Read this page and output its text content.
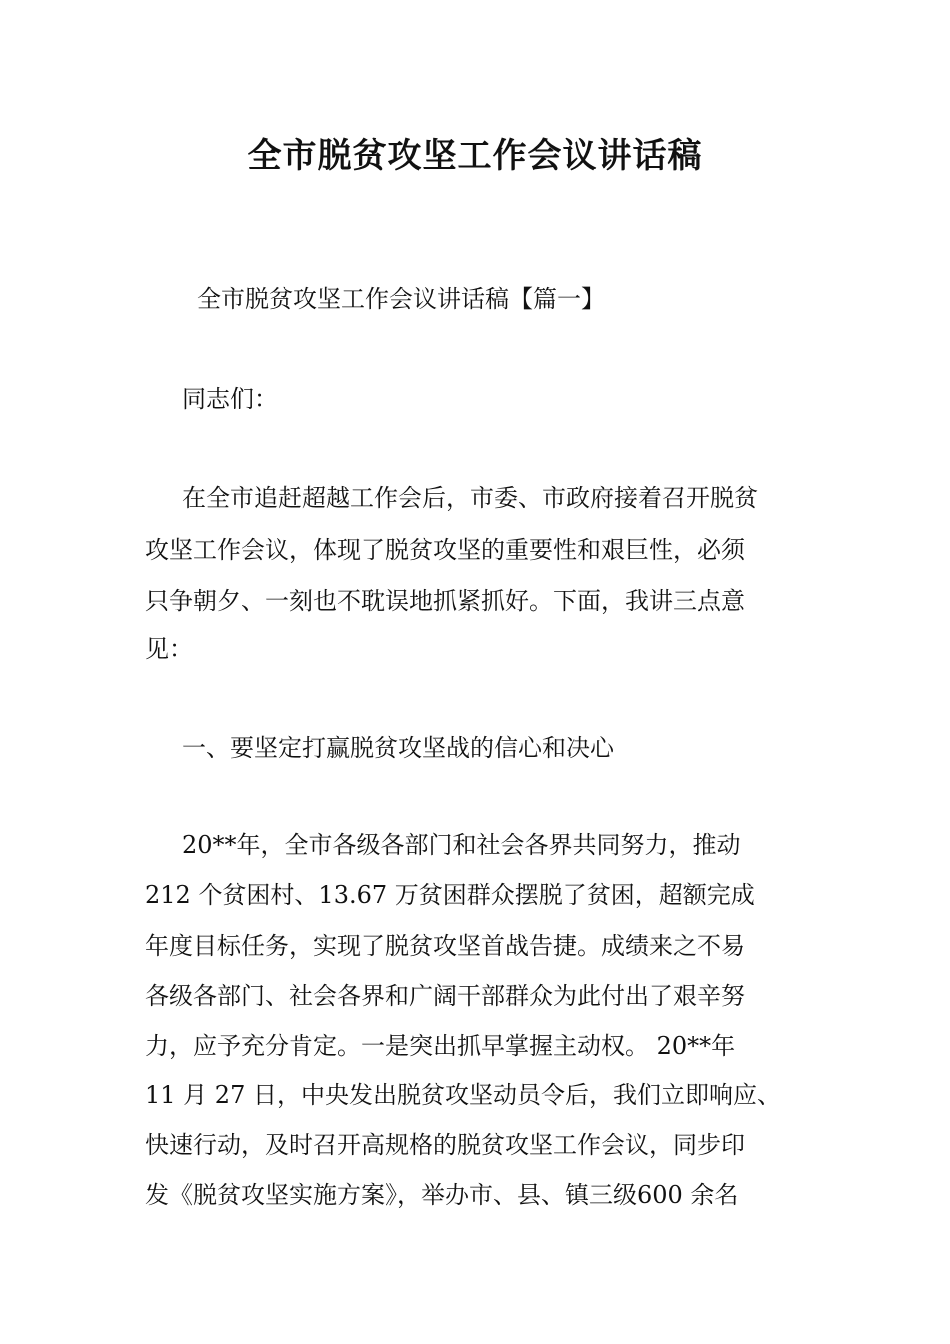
全市脱贫攻坚工作会议讲话稿
全市脱贫攻坚工作会议讲话稿【篇一】
同志们：
在全市追赶超越工作会后，市委、市政府接着召开脱贫
攻坚工作会议，体现了脱贫攻坚的重要性和艰巨性，必须
只争朝夕、一刻也不耽误地抓紧抓好。下面，我讲三点意
见：
一、要坚定打赢脱贫攻坚战的信心和决心
20**年，全市各级各部门和社会各界共同努力，推动
212 个贫困村、13.67 万贫困群众摆脱了贫困，超额完成
年度目标任务，实现了脱贫攻坚首战告捷。成绩来之不易
各级各部门、社会各界和广阔干部群众为此付出了艰辛努
力，应予充分肯定。一是突出抓早掌握主动权。 20**年
11 月 27 日，中央发出脱贫攻坚动员令后，我们立即响应、
快速行动，及时召开高规格的脱贫攻坚工作会议，同步印
发《脱贫攻坚实施方案》，举办市、县、镇三级600 余名
